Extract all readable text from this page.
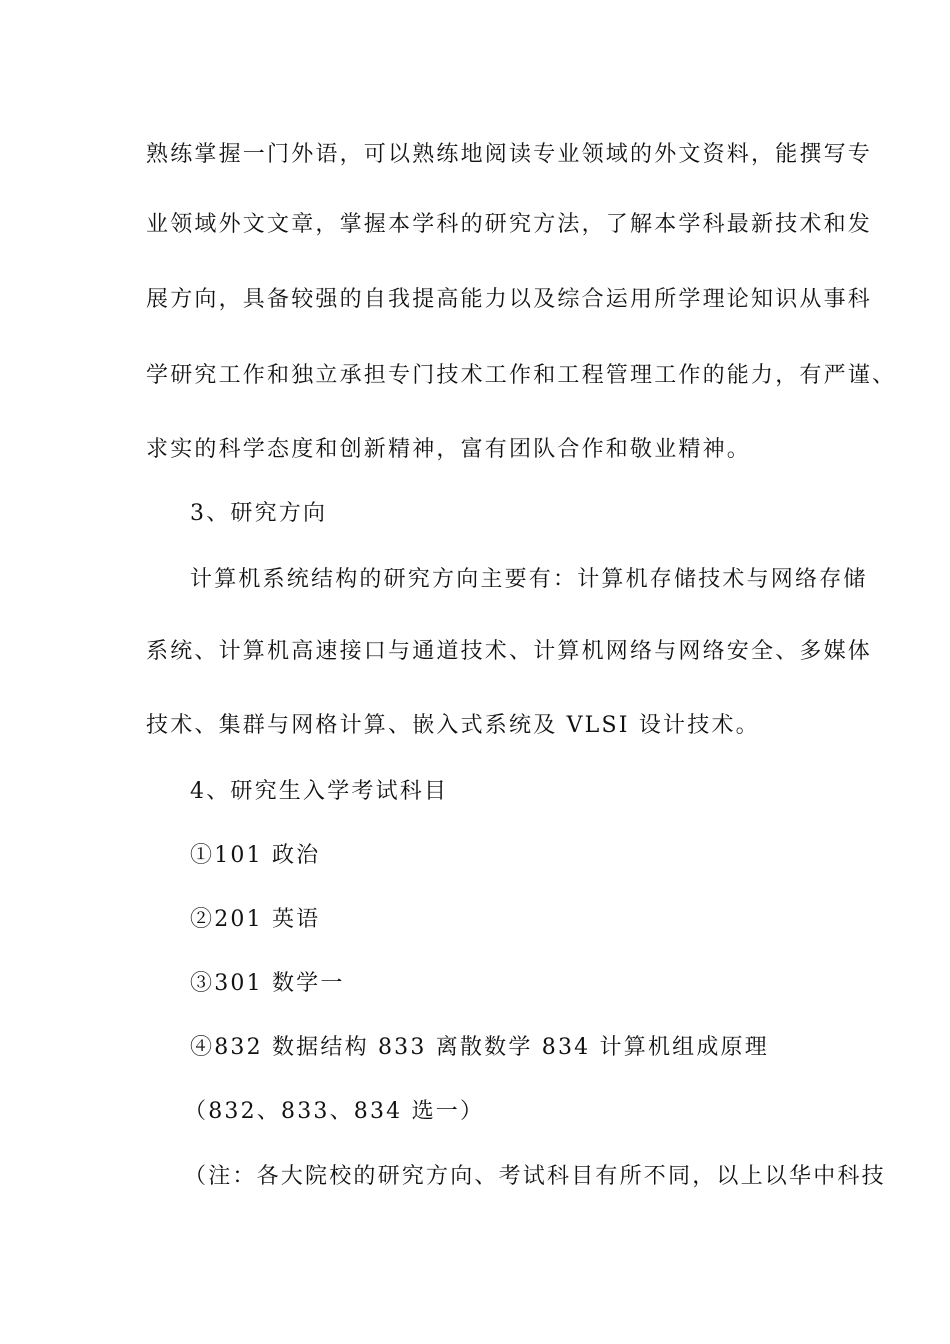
熟练掌握一门外语，可以熟练地阅读专业领域的外文资料，能撰写专
业领域外文文章，掌握本学科的研究方法，了解本学科最新技术和发
展方向，具备较强的自我提高能力以及综合运用所学理论知识从事科
学研究工作和独立承担专门技术工作和工程管理工作的能力，有严谨、
求实的科学态度和创新精神，富有团队合作和敬业精神。
3、研究方向
计算机系统结构的研究方向主要有：计算机存储技术与网络存储
系统、计算机高速接口与通道技术、计算机网络与网络安全、多媒体
技术、集群与网格计算、嵌入式系统及 VLSI 设计技术。
4、研究生入学考试科目
①101 政治
②201 英语
③301 数学一
④832 数据结构 833 离散数学 834 计算机组成原理
（832、833、834 选一）
（注：各大院校的研究方向、考试科目有所不同，以上以华中科技
